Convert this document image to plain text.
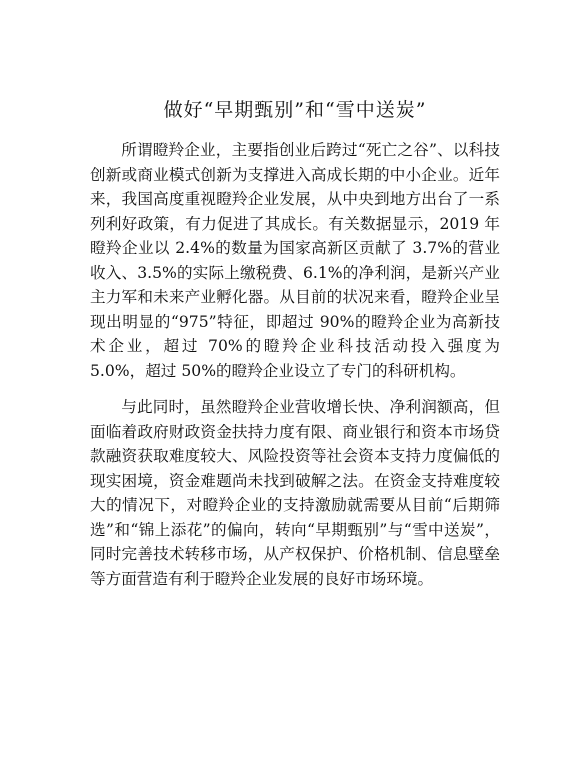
做好“早期甄别”和“雪中送炭”

所谓瞪羚企业，主要指创业后跨过“死亡之谷”、以科技创新或商业模式创新为支撑进入高成长期的中小企业。近年来，我国高度重视瞪羚企业发展，从中央到地方出台了一系列利好政策，有力促进了其成长。有关数据显示，2019 年瞪羚企业以 2.4%的数量为国家高新区贡献了 3.7%的营业收入、3.5%的实际上缴税费、6.1%的净利润，是新兴产业主力军和未来产业孵化器。从目前的状况来看，瞪羚企业呈现出明显的“975”特征，即超过 90%的瞪羚企业为高新技术企业，超过 70%的瞪羚企业科技活动投入强度为 5.0%，超过 50%的瞪羚企业设立了专门的科研机构。

与此同时，虽然瞪羚企业营收增长快、净利润额高，但面临着政府财政资金扶持力度有限、商业银行和资本市场贷款融资获取难度较大、风险投资等社会资本支持力度偏低的现实困境，资金难题尚未找到破解之法。在资金支持难度较大的情况下，对瞪羚企业的支持激励就需要从目前“后期筛选”和“锦上添花”的偏向，转向“早期甄别”与“雪中送炭”，同时完善技术转移市场，从产权保护、价格机制、信息壁垒等方面营造有利于瞪羚企业发展的良好市场环境。
